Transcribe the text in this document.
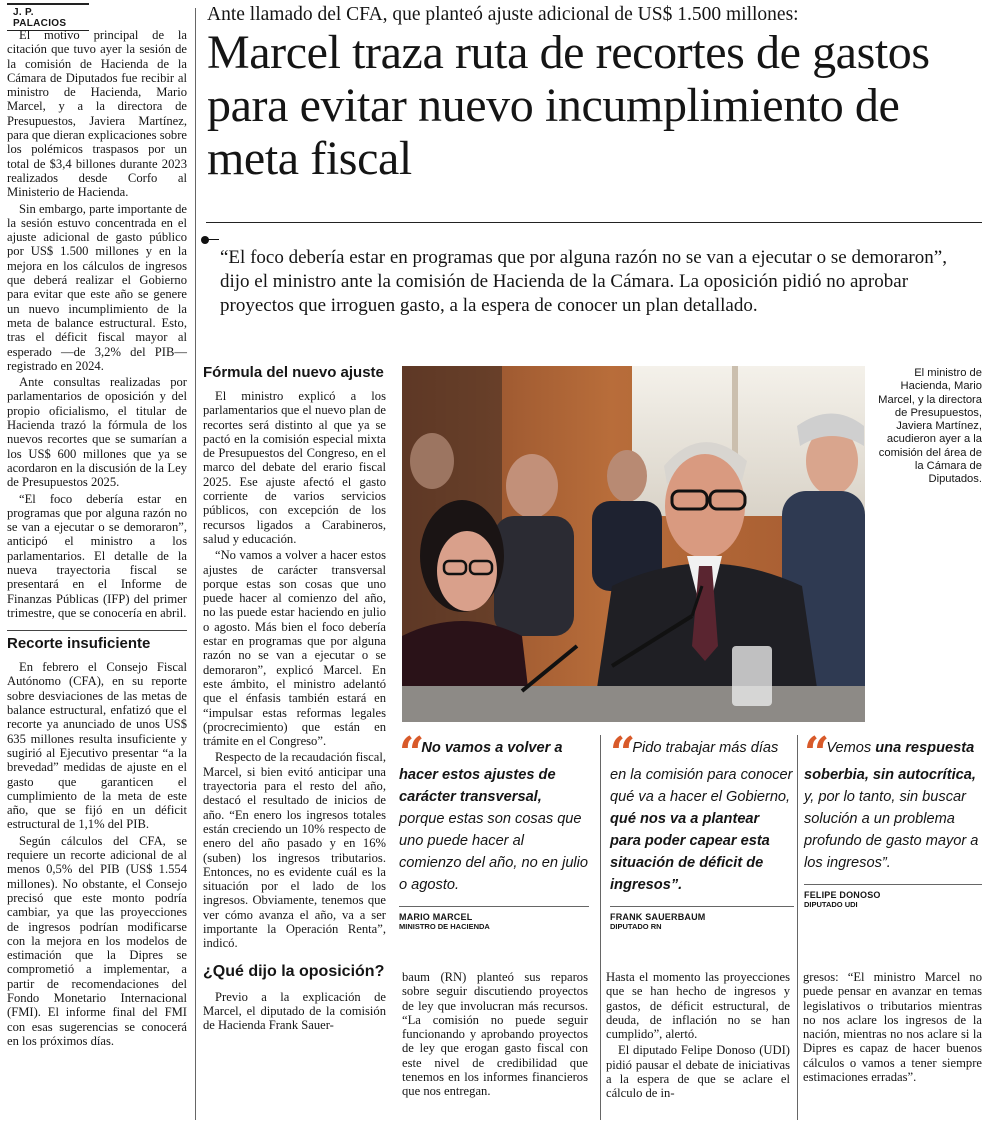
J. P. PALACIOS

El motivo principal de la citación que tuvo ayer la sesión de la comisión de Hacienda de la Cámara de Diputados fue recibir al ministro de Hacienda, Mario Marcel, y a la directora de Presupuestos, Javiera Martínez, para que dieran explicaciones sobre los polémicos traspasos por un total de $3,4 billones durante 2023 realizados desde Corfo al Ministerio de Hacienda.

Sin embargo, parte importante de la sesión estuvo concentrada en el ajuste adicional de gasto público por US$ 1.500 millones y en la mejora en los cálculos de ingresos que deberá realizar el Gobierno para evitar que este año se genere un nuevo incumplimiento de la meta de balance estructural. Esto, tras el déficit fiscal mayor al esperado —de 3,2% del PIB— registrado en 2024.

Ante consultas realizadas por parlamentarios de oposición y del propio oficialismo, el titular de Hacienda trazó la fórmula de los nuevos recortes que se sumarían a los US$ 600 millones que ya se acordaron en la discusión de la Ley de Presupuestos 2025.

“El foco debería estar en programas que por alguna razón no se van a ejecutar o se demoraron”, anticipó el ministro a los parlamentarios. El detalle de la nueva trayectoria fiscal se presentará en el Informe de Finanzas Públicas (IFP) del primer trimestre, que se conocería en abril.

Recorte insuficiente

En febrero el Consejo Fiscal Autónomo (CFA), en su reporte sobre desviaciones de las metas de balance estructural, enfatizó que el recorte ya anunciado de unos US$ 635 millones resulta insuficiente y sugirió al Ejecutivo presentar “a la brevedad” medidas de ajuste en el gasto que garanticen el cumplimiento de la meta de este año, que se fijó en un déficit estructural de 1,1% del PIB.

Según cálculos del CFA, se requiere un recorte adicional de al menos 0,5% del PIB (US$ 1.554 millones). No obstante, el Consejo precisó que este monto podría cambiar, ya que las proyecciones de ingresos podrían modificarse con la mejora en los modelos de estimación que la Dipres se comprometió a implementar, a partir de recomendaciones del Fondo Monetario Internacional (FMI). El informe final del FMI con esas sugerencias se conocerá en los próximos días.

Ante llamado del CFA, que planteó ajuste adicional de US$ 1.500 millones:
Marcel traza ruta de recortes de gastos para evitar nuevo incumplimiento de meta fiscal
“El foco debería estar en programas que por alguna razón no se van a ejecutar o se demoraron”, dijo el ministro ante la comisión de Hacienda de la Cámara. La oposición pidió no aprobar proyectos que irroguen gasto, a la espera de conocer un plan detallado.
Fórmula del nuevo ajuste

El ministro explicó a los parlamentarios que el nuevo plan de recortes será distinto al que ya se pactó en la comisión especial mixta de Presupuestos del Congreso, en el marco del debate del erario fiscal 2025. Ese ajuste afectó el gasto corriente de varios servicios públicos, con excepción de los recursos ligados a Carabineros, salud y educación.

“No vamos a volver a hacer estos ajustes de carácter transversal porque estas son cosas que uno puede hacer al comienzo del año, no las puede estar haciendo en julio o agosto. Más bien el foco debería estar en programas que por alguna razón no se van a ejecutar o se demoraron”, explicó Marcel. En este ámbito, el ministro adelantó que el énfasis también estará en “impulsar estas reformas legales (procrecimiento) que están en trámite en el Congreso”.

Respecto de la recaudación fiscal, Marcel, si bien evitó anticipar una trayectoria para el resto del año, destacó el resultado de inicios de año. “En enero los ingresos totales están creciendo un 10% respecto de enero del año pasado y en 16% (suben) los ingresos tributarios. Entonces, no es evidente cuál es la situación por el lado de los ingresos. Obviamente, tenemos que ver cómo avanza el año, va a ser importante la Operación Renta”, indicó.

¿Qué dijo la oposición?

Previo a la explicación de Marcel, el diputado de la comisión de Hacienda Frank Sauer-

El ministro de Hacienda, Mario Marcel, y la directora de Presupuestos, Javiera Martínez, acudieron ayer a la comisión del área de la Cámara de Diputados.
“ No vamos a volver a hacer estos ajustes de carácter transversal, porque estas son cosas que uno puede hacer al comienzo del año, no en julio o agosto.
MARIO MARCEL
MINISTRO DE HACIENDA
“ Pido trabajar más días en la comisión para conocer qué va a hacer el Gobierno, qué nos va a plantear para poder capear esta situación de déficit de ingresos”.
FRANK SAUERBAUM
DIPUTADO RN
“ Vemos una respuesta soberbia, sin autocrítica, y, por lo tanto, sin buscar solución a un problema profundo de gasto mayor a los ingresos”.
FELIPE DONOSO
DIPUTADO UDI

baum (RN) planteó sus reparos sobre seguir discutiendo proyectos de ley que involucran más recursos. “La comisión no puede seguir funcionando y aprobando proyectos de ley que erogan gasto fiscal con este nivel de credibilidad que tenemos en los informes financieros que nos entregan.

Hasta el momento las proyecciones que se han hecho de ingresos y gastos, de déficit estructural, de deuda, de inflación no se han cumplido”, alertó.

El diputado Felipe Donoso (UDI) pidió pausar el debate de iniciativas a la espera de que se aclare el cálculo de in-

gresos: “El ministro Marcel no puede pensar en avanzar en temas legislativos o tributarios mientras no nos aclare los ingresos de la nación, mientras no nos aclare si la Dipres es capaz de hacer buenos cálculos o vamos a tener siempre estimaciones erradas”.
